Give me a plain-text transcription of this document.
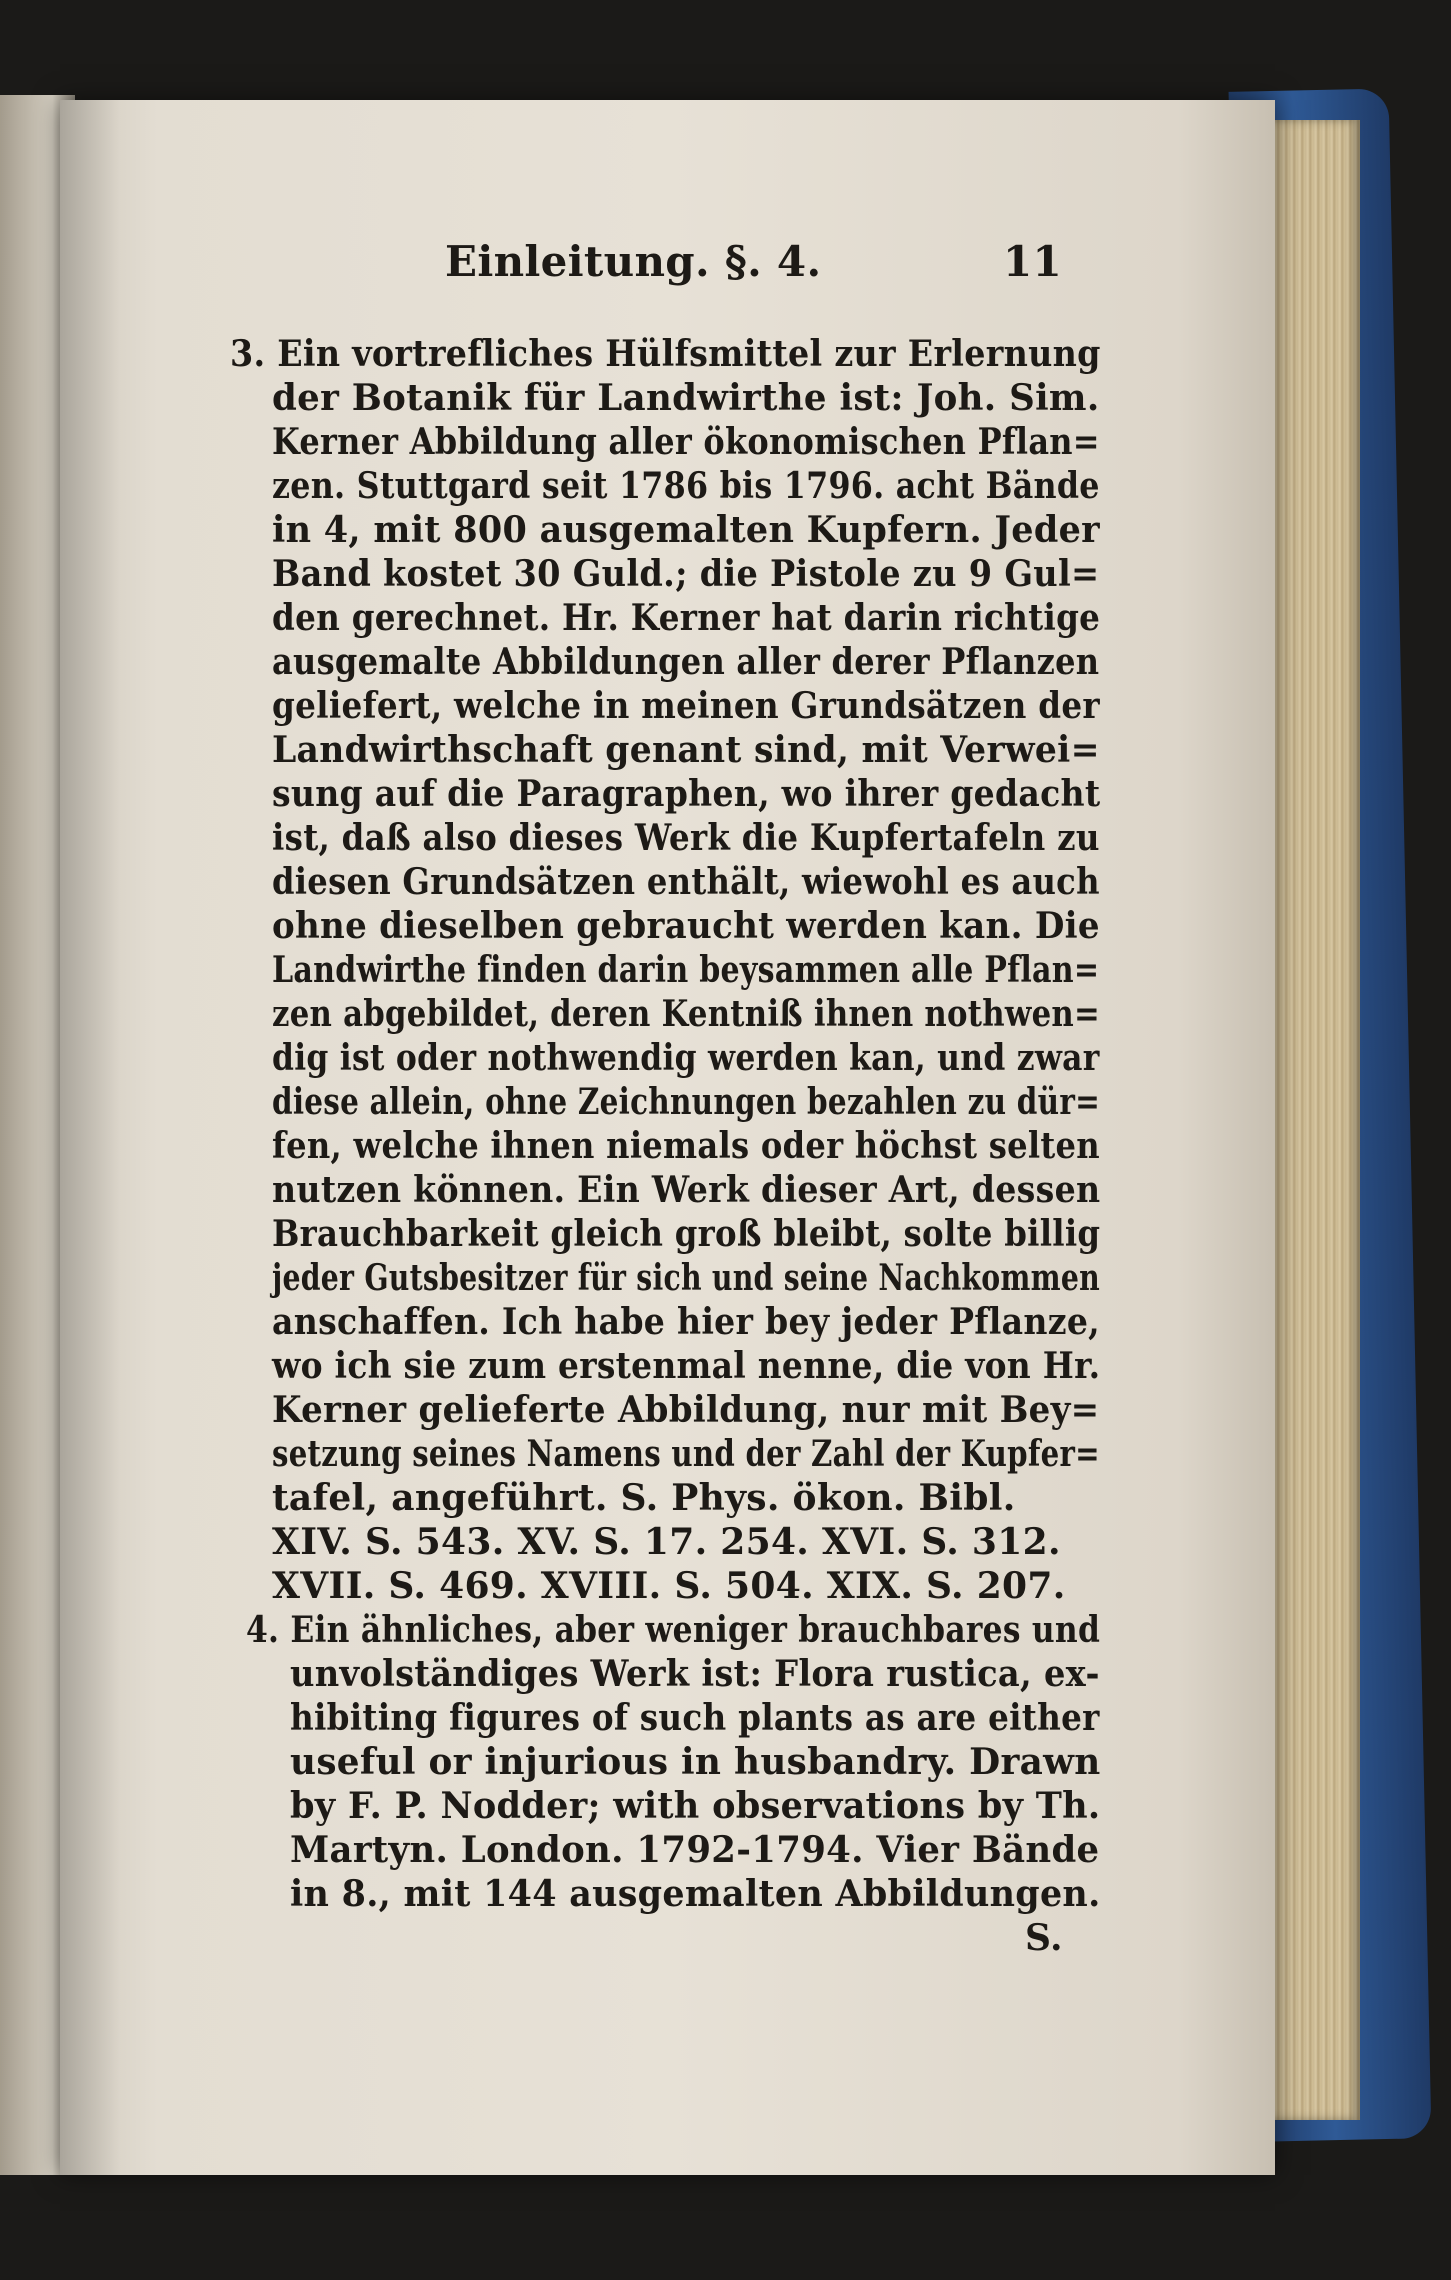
Einleitung. §. 4.	11
3. Ein vortrefliches Hülfsmittel zur Erlernung
der Botanik für Landwirthe ist: Joh. Sim.
Kerner Abbildung aller ökonomischen Pflan=
zen. Stuttgard seit 1786 bis 1796. acht Bände
in 4, mit 800 ausgemalten Kupfern. Jeder
Band kostet 30 Guld.; die Pistole zu 9 Gul=
den gerechnet. Hr. Kerner hat darin richtige
ausgemalte Abbildungen aller derer Pflanzen
geliefert, welche in meinen Grundsätzen der
Landwirthschaft genant sind, mit Verwei=
sung auf die Paragraphen, wo ihrer gedacht
ist, daß also dieses Werk die Kupfertafeln zu
diesen Grundsätzen enthält, wiewohl es auch
ohne dieselben gebraucht werden kan. Die
Landwirthe finden darin beysammen alle Pflan=
zen abgebildet, deren Kentniß ihnen nothwen=
dig ist oder nothwendig werden kan, und zwar
diese allein, ohne Zeichnungen bezahlen zu dür=
fen, welche ihnen niemals oder höchst selten
nutzen können. Ein Werk dieser Art, dessen
Brauchbarkeit gleich groß bleibt, solte billig
jeder Gutsbesitzer für sich und seine Nachkommen
anschaffen. Ich habe hier bey jeder Pflanze,
wo ich sie zum erstenmal nenne, die von Hr.
Kerner gelieferte Abbildung, nur mit Bey=
setzung seines Namens und der Zahl der Kupfer=
tafel, angeführt. S. Phys. ökon. Bibl.
XIV. S. 543. XV. S. 17. 254. XVI. S. 312.
XVII. S. 469. XVIII. S. 504. XIX. S. 207.
4. Ein ähnliches, aber weniger brauchbares und
unvolständiges Werk ist: Flora rustica, ex-
hibiting figures of such plants as are either
useful or injurious in husbandry. Drawn
by F. P. Nodder; with observations by Th.
Martyn. London. 1792-1794. Vier Bände
in 8., mit 144 ausgemalten Abbildungen.
S.
